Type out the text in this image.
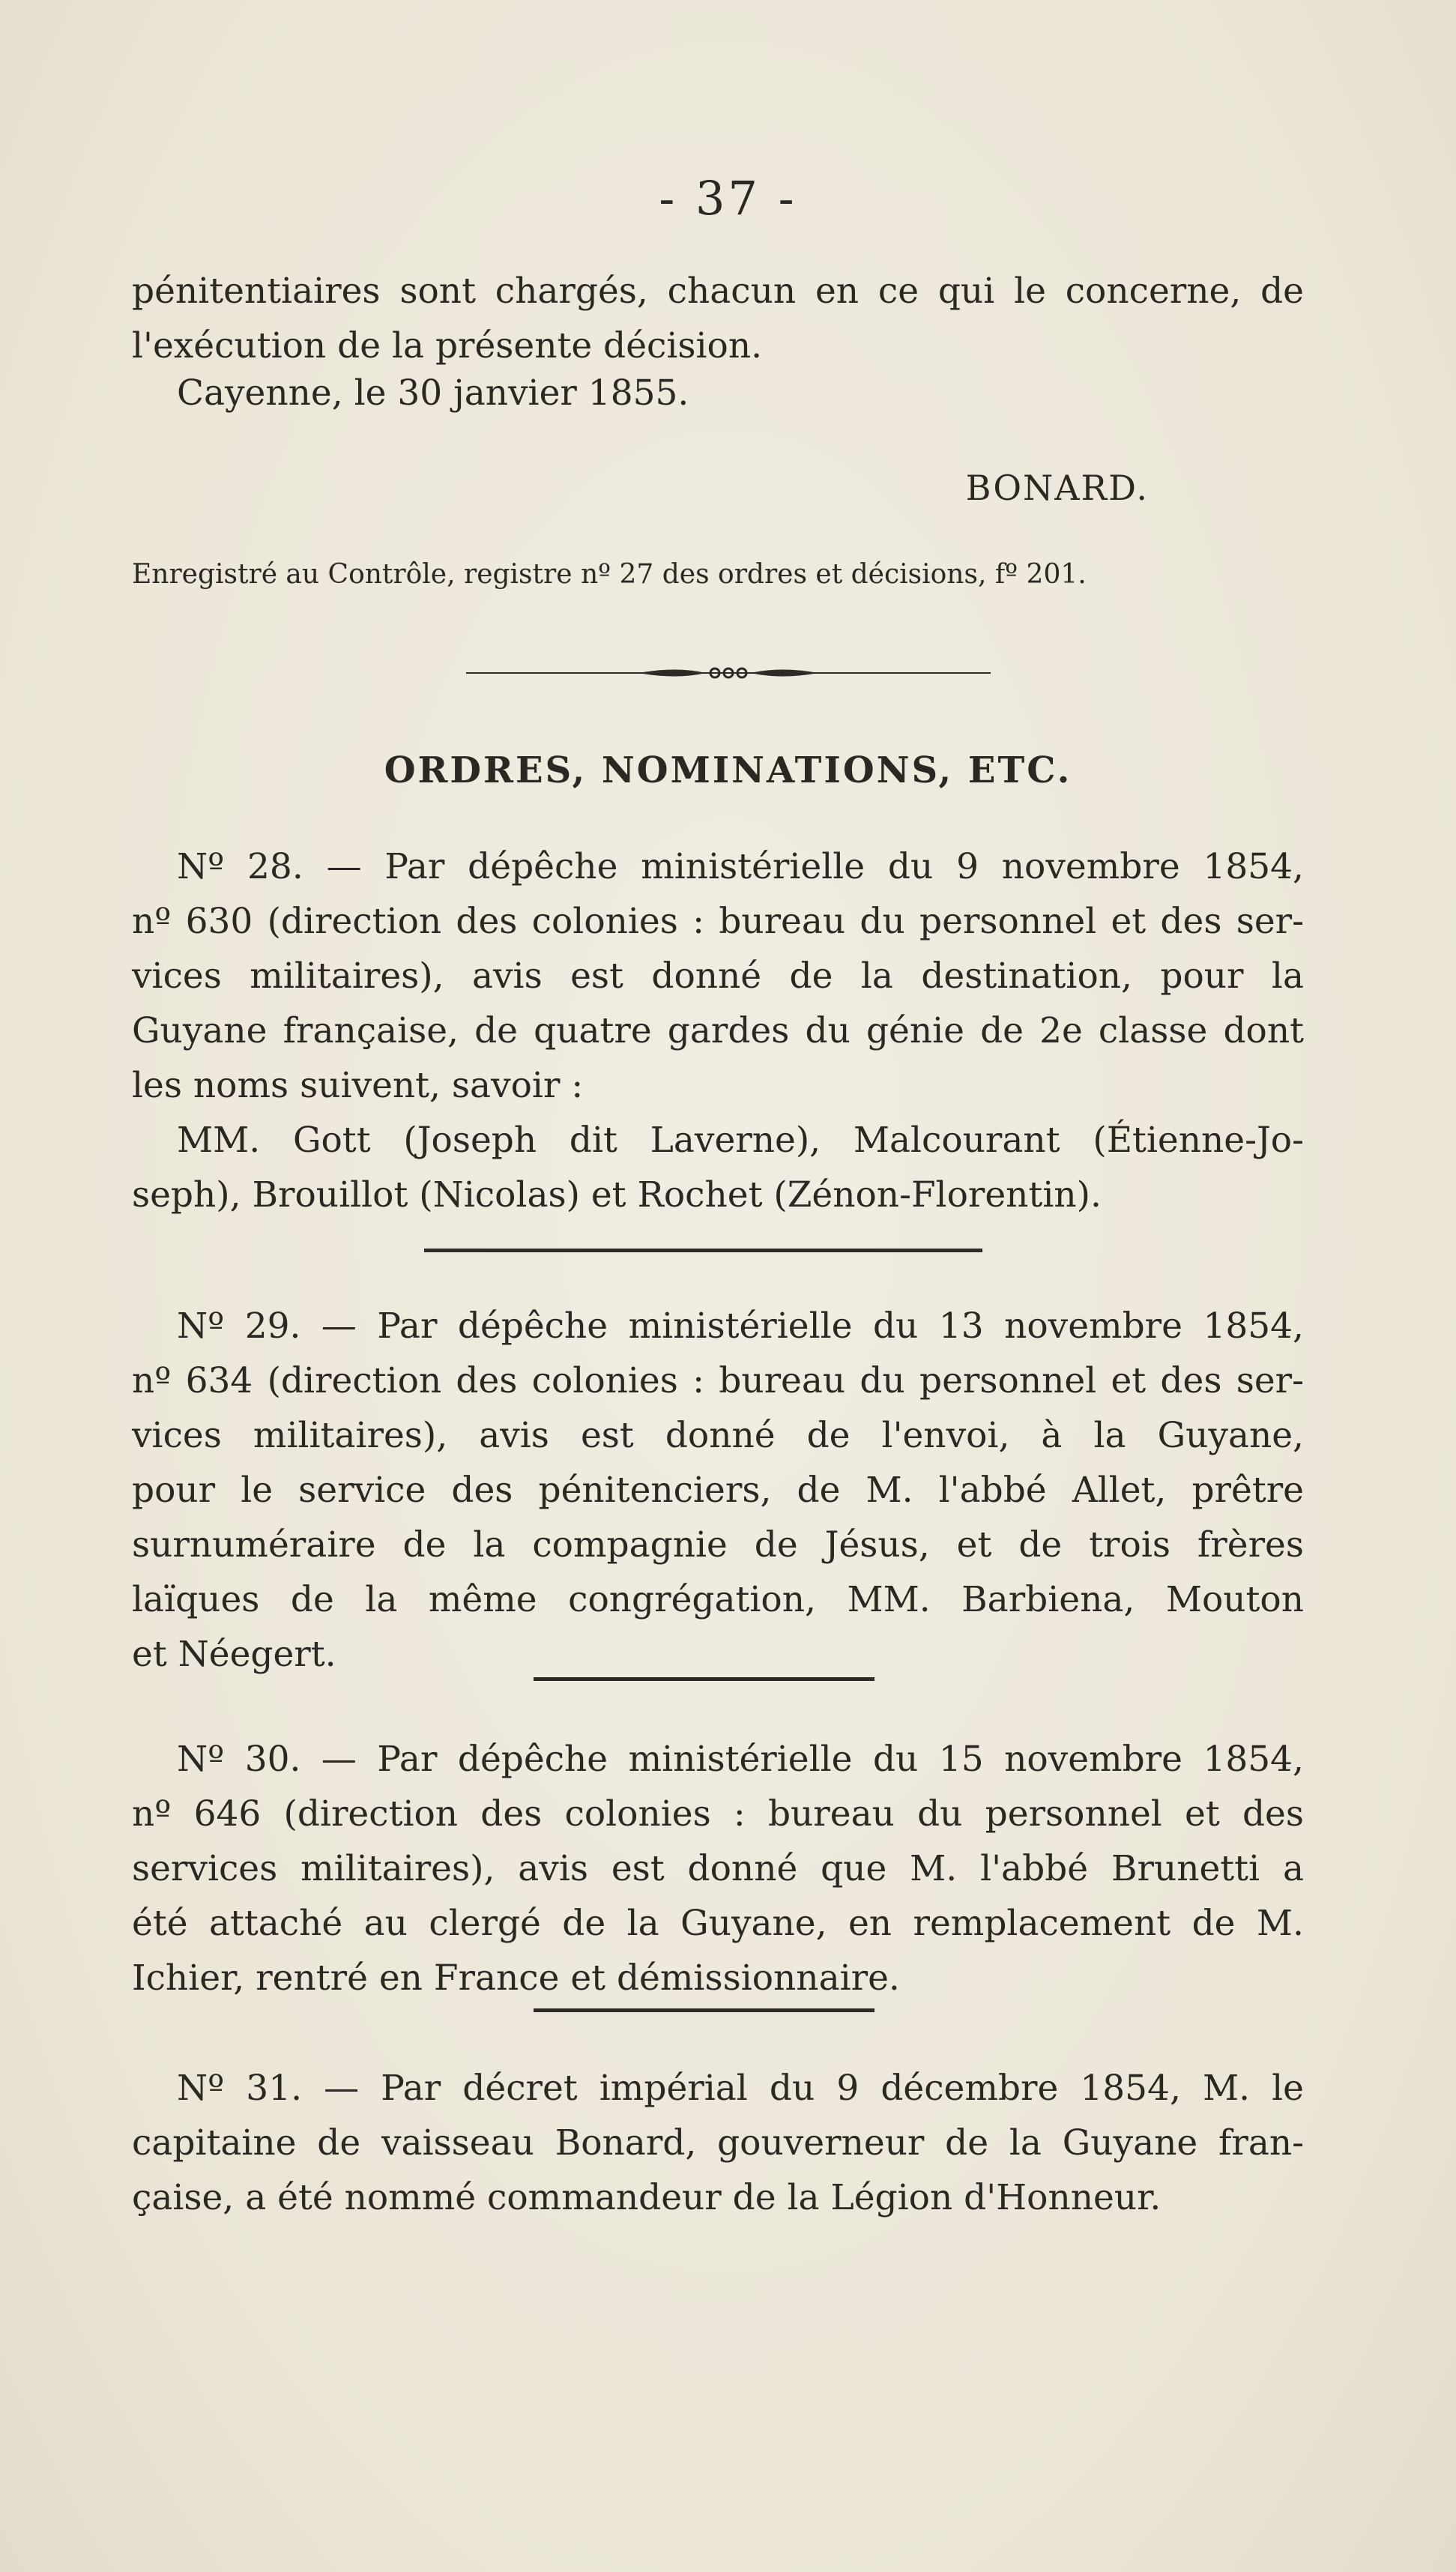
- 37 -
pénitentiaires sont chargés, chacun en ce qui le concerne, de
l'exécution de la présente décision.
Cayenne, le 30 janvier 1855.
BONARD.
Enregistré au Contrôle, registre nº 27 des ordres et décisions, fº 201.
ORDRES, NOMINATIONS, ETC.
Nº 28. — Par dépêche ministérielle du 9 novembre 1854,
nº 630 (direction des colonies : bureau du personnel et des ser-
vices militaires), avis est donné de la destination, pour la
Guyane française, de quatre gardes du génie de 2e classe dont
les noms suivent, savoir :
MM. Gott (Joseph dit Laverne), Malcourant (Étienne-Jo-
seph), Brouillot (Nicolas) et Rochet (Zénon-Florentin).
Nº 29. — Par dépêche ministérielle du 13 novembre 1854,
nº 634 (direction des colonies : bureau du personnel et des ser-
vices militaires), avis est donné de l'envoi, à la Guyane,
pour le service des pénitenciers, de M. l'abbé Allet, prêtre
surnuméraire de la compagnie de Jésus, et de trois frères
laïques de la même congrégation, MM. Barbiena, Mouton
et Néegert.
Nº 30. — Par dépêche ministérielle du 15 novembre 1854,
nº 646 (direction des colonies : bureau du personnel et des
services militaires), avis est donné que M. l'abbé Brunetti a
été attaché au clergé de la Guyane, en remplacement de M.
Ichier, rentré en France et démissionnaire.
Nº 31. — Par décret impérial du 9 décembre 1854, M. le
capitaine de vaisseau Bonard, gouverneur de la Guyane fran-
çaise, a été nommé commandeur de la Légion d'Honneur.
